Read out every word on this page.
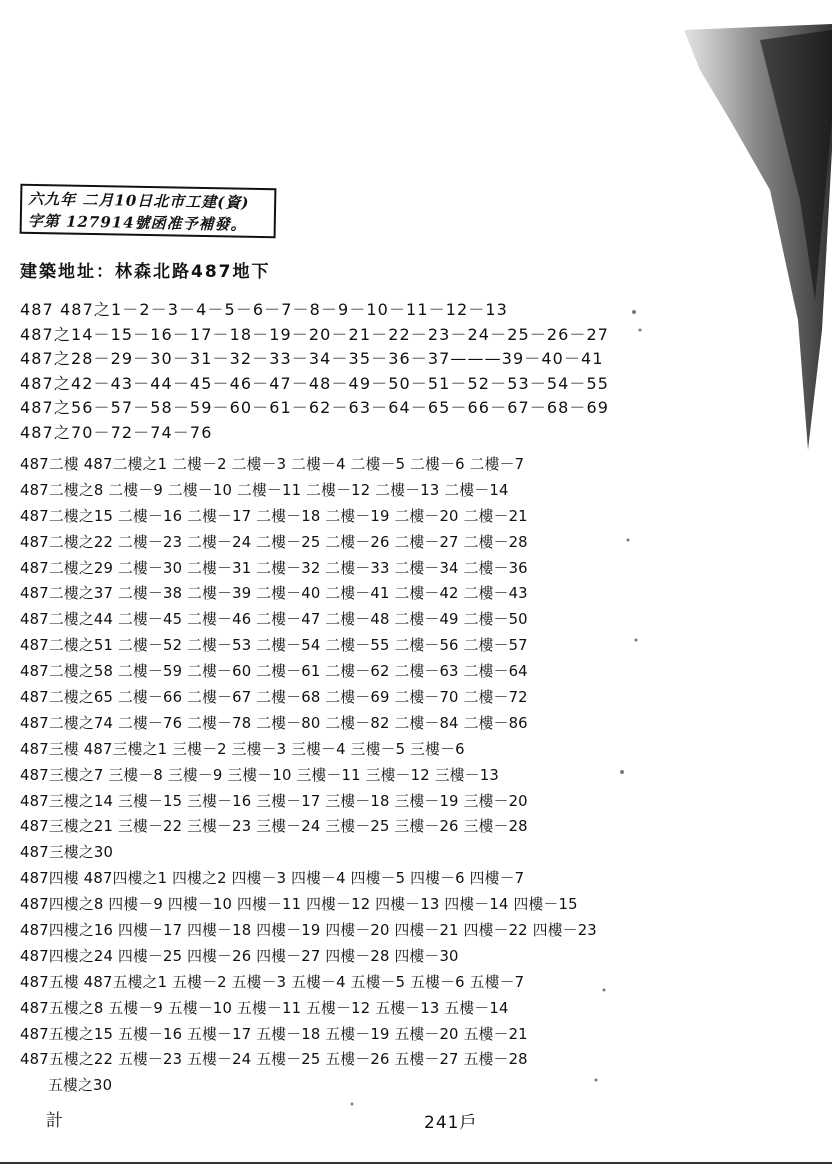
六九年 二月10日北市工建(資)
字第 127914號函准予補發。
建築地址：林森北路487地下
487 487之1－2－3－4－5－6－7－8－9－10－11－12－13
487之14－15－16－17－18－19－20－21－22－23－24－25－26－27
487之28－29－30－31－32－33－34－35－36－37———39－40－41
487之42－43－44－45－46－47－48－49－50－51－52－53－54－55
487之56－57－58－59－60－61－62－63－64－65－66－67－68－69
487之70－72－74－76
487二樓 487二樓之1 二樓－2 二樓－3 二樓－4 二樓－5 二樓－6 二樓－7
487二樓之8 二樓－9 二樓－10 二樓－11 二樓－12 二樓－13 二樓－14
487二樓之15 二樓－16 二樓－17 二樓－18 二樓－19 二樓－20 二樓－21
487二樓之22 二樓－23 二樓－24 二樓－25 二樓－26 二樓－27 二樓－28
487二樓之29 二樓－30 二樓－31 二樓－32 二樓－33 二樓－34 二樓－36
487二樓之37 二樓－38 二樓－39 二樓－40 二樓－41 二樓－42 二樓－43
487二樓之44 二樓－45 二樓－46 二樓－47 二樓－48 二樓－49 二樓－50
487二樓之51 二樓－52 二樓－53 二樓－54 二樓－55 二樓－56 二樓－57
487二樓之58 二樓－59 二樓－60 二樓－61 二樓－62 二樓－63 二樓－64
487二樓之65 二樓－66 二樓－67 二樓－68 二樓－69 二樓－70 二樓－72
487二樓之74 二樓－76 二樓－78 二樓－80 二樓－82 二樓－84 二樓－86
487三樓 487三樓之1 三樓－2 三樓－3 三樓－4 三樓－5 三樓－6
487三樓之7 三樓－8 三樓－9 三樓－10 三樓－11 三樓－12 三樓－13
487三樓之14 三樓－15 三樓－16 三樓－17 三樓－18 三樓－19 三樓－20
487三樓之21 三樓－22 三樓－23 三樓－24 三樓－25 三樓－26 三樓－28
487三樓之30
487四樓 487四樓之1 四樓之2 四樓－3 四樓－4 四樓－5 四樓－6 四樓－7
487四樓之8 四樓－9 四樓－10 四樓－11 四樓－12 四樓－13 四樓－14 四樓－15
487四樓之16 四樓－17 四樓－18 四樓－19 四樓－20 四樓－21 四樓－22 四樓－23
487四樓之24 四樓－25 四樓－26 四樓－27 四樓－28 四樓－30
487五樓 487五樓之1 五樓－2 五樓－3 五樓－4 五樓－5 五樓－6 五樓－7
487五樓之8 五樓－9 五樓－10 五樓－11 五樓－12 五樓－13 五樓－14
487五樓之15 五樓－16 五樓－17 五樓－18 五樓－19 五樓－20 五樓－21
487五樓之22 五樓－23 五樓－24 五樓－25 五樓－26 五樓－27 五樓－28
五樓之30
計	241戶
